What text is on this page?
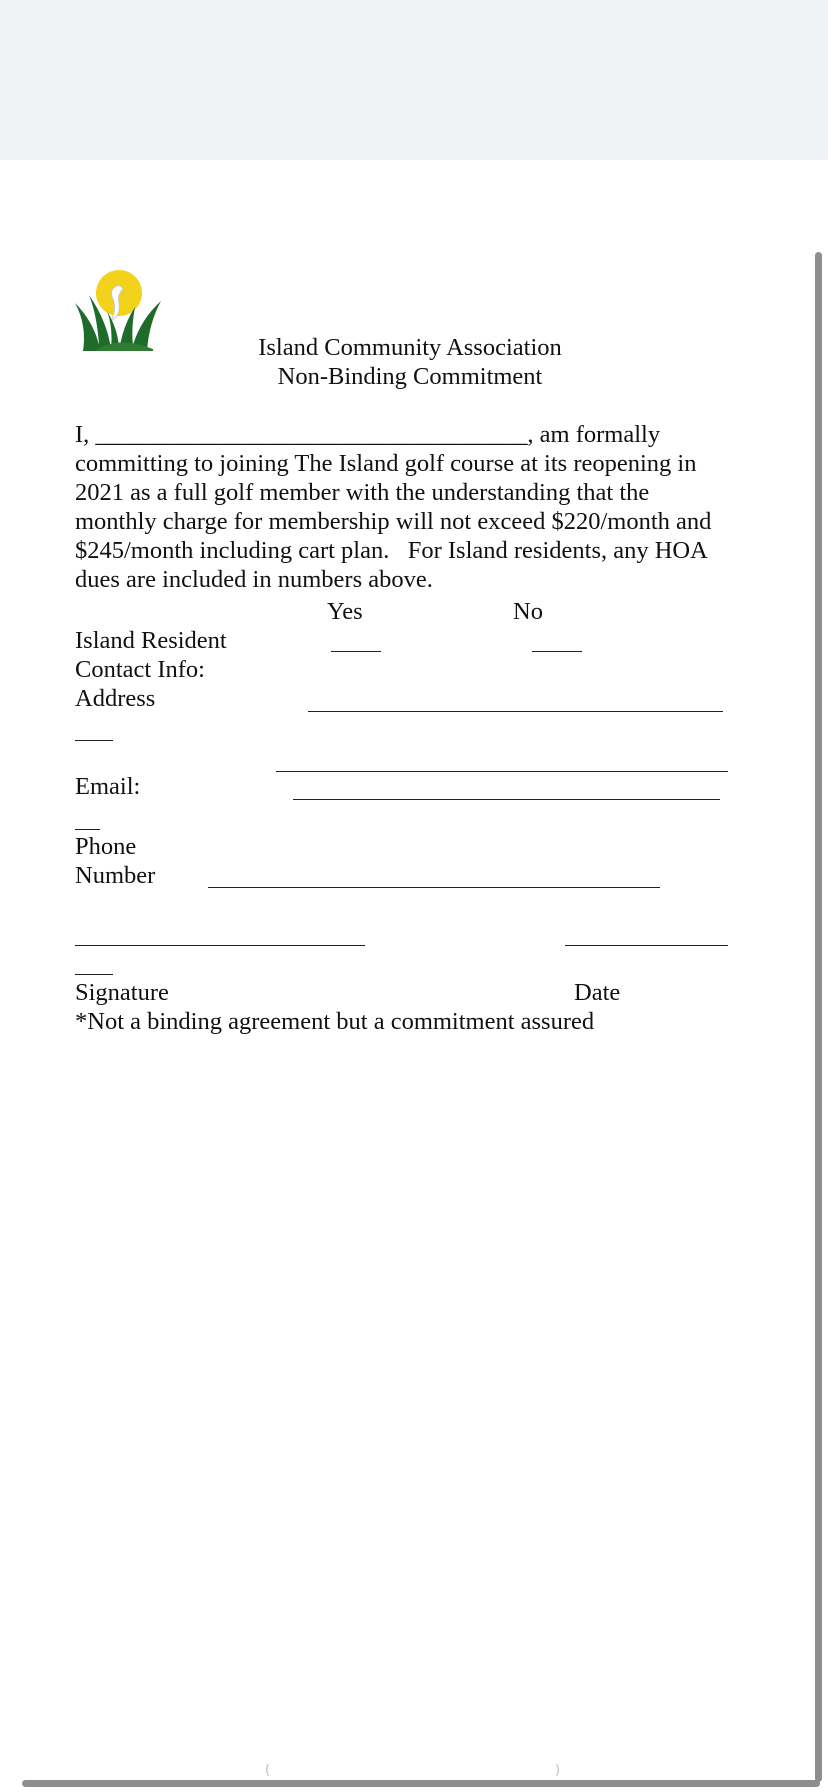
Island Community Association
Non-Binding Commitment
I, ____________________________________, am formally
committing to joining The Island golf course at its reopening in
2021 as a full golf member with the understanding that the
monthly charge for membership will not exceed $220/month and
$245/month including cart plan.   For Island residents, any HOA
dues are included in numbers above.
Yes	No
Island Resident
Contact Info:
Address
Email:
Phone
Number
Signature	Date
*Not a binding agreement but a commitment assured
(	)
